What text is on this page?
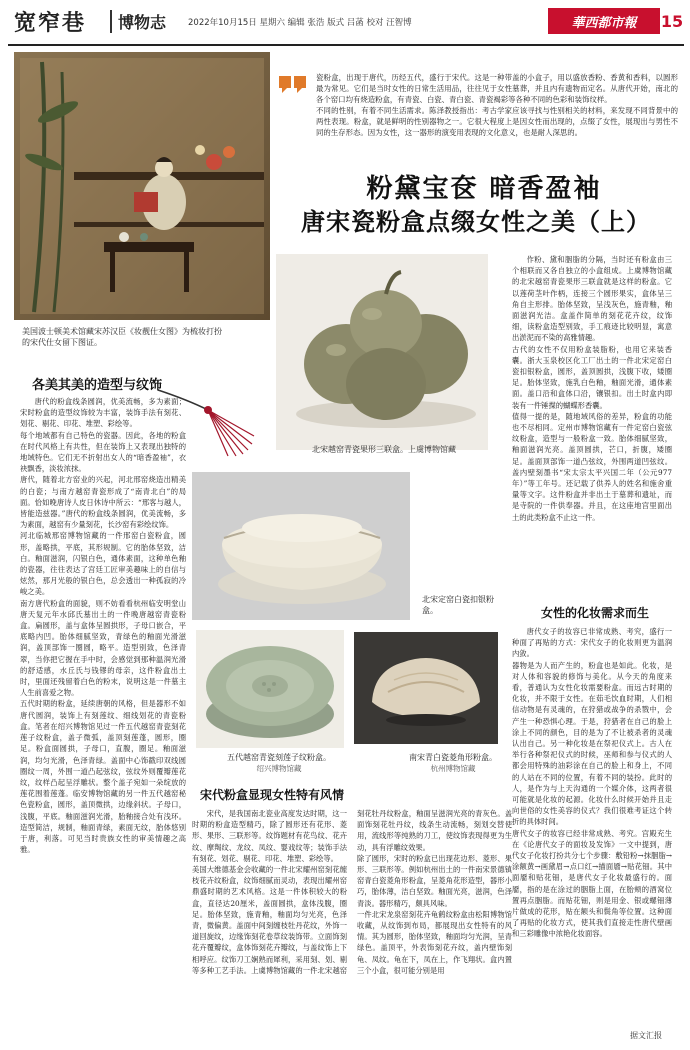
宽窄巷	博物志	2022年10月15日 星期六 编辑 张浩 版式 吕菡 校对 汪智博	華西都市報	15
美国波士顿美术馆藏宋苏汉臣《妆靓仕女图》为梳妆打扮的宋代仕女留下图证。

瓷粉盒，出现于唐代，历经五代，盛行于宋代。这是一种带盖的小盒子，用以盛放香粉、香黄和香料，以圆形最为常见。它们是当时女性的日常生活用品，往往见于女性墓葬，并且内有遗物而定名。从唐代开始，南北的各个窑口均有烧造粉盒，有青瓷、白瓷、青白瓷、青瓷褐彩等各种不同的色彩和装饰纹样。
不同的性别，有着不同生活需求。陈泽教授指出：考古学家应该寻找与性别相关的材料，来发现不同背景中的两性表现。粉盒，就是鲜明的性别器物之一。它很大程度上是因女性而出现的，点缀了女性，展现出与男性不同的生存形态。因为女性，这一器形的演变用表现的文化意义，也是耐人深思的。

粉黛宝奁 暗香盈袖
唐宋瓷粉盒点缀女性之美（上）
北宋越窑青瓷果形三联盒。上虞博物馆藏
北宋定窑白瓷扣银粉盒。
五代越窑青瓷刻莲子纹粉盒。
绍兴博物馆藏
南宋青白瓷菱角形粉盒。
杭州博物馆藏
各美其美的造型与纹饰

唐代的粉盒线条圆润，优美流畅，多为素面；宋时粉盒的造型纹饰较为丰富，装饰手法有刻花、划花、剔花、印花、堆塑、彩绘等。
每个地域都有自己特色的瓷器。因此，各地的粉盒在时代风格上有共性，但在装饰上又表现出独特的地域特色。它们无不折射出女人的“暗香盈袖”，衣袂飘香，淡妆浓抹。
唐代，随着北方窑业的兴起，河北邢窑烧造出精美的白瓷；与南方越窑青瓷形成了“南青北白”的局面。恰如晚唐诗人皮日休诗中所云：“邢客与越人，皆能造兹器。”唐代的粉盒线条圆润，优美流畅，多为素面，越窑有少量刻花，长沙窑有彩绘纹饰。
河北临城邢窑博物馆藏的一件邢窑白瓷粉盒，圆形，盖略拱，平底，其形规制。它的胎体坚致，洁白。釉面滋润，闪银白色，通体素面，这种单色釉的瓷器，往往表达了宫廷工匠审美趣味上的自信与炫然，那月光般的银白色，总会透出一种孤寂的冷峻之美。
南方唐代粉盒的面貌，则不妨看看杭州临安明堂山唐天复元年水邱氏墓出土的一件晚唐越窑青瓷粉盒。扁圆形，盖与盒体呈圆拱形，子母口嵌合，平底略内凹。胎体细腻坚致，青绿色的釉面光滑滋润，盖顶部饰一圈圆，略平。造型别致，色泽青翠，当你把它握在手中时，会感觉到那种温润光滑的舒适感，水丘氏与钱镠的母亲，这件粉盒出土时，里面还残留着白色的粉末，说明这是一件墓主人生前喜爱之物。
五代时期的粉盒，延续唐朝的风格，但是器形不如唐代圆润，装饰上有刻莲纹、细线划花的青瓷粉盒。笔者在绍兴博物馆见过一件五代越窑青瓷刻花莲子纹粉盒，盖子微弧，盖顶刻莲蓬，圆形，圈足。粉盒面圆拱，子母口，直腹，圈足。釉面滋润，均匀光滑，色泽青绿。盖面中心饰戳印双线圆圈纹一周，外围一道凸起弦纹，弦纹外则覆瓣莲花纹，纹样凸起呈浮雕状。整个盖子宛如一朵绽放的莲花围着莲蓬。临安博物馆藏的另一件五代越窑秘色瓷粉盒，圆形，盖顶微拱，边缘斜状。子母口，浅腹，平底。釉面滋润光滑，胎釉接合处有浅环。造型简洁，规制，釉面青绿，素面无纹，胎体悠别于唐，利落。可见当时贵族女性的审美情趣之高雅。

宋代粉盒显现女性特有风情

宋代，是我国南北瓷业高度发达时期，这一时期的粉盒造型精巧，除了圆形还有花形、菱形、果形、三联形等。纹饰题材有花鸟纹、花卉纹、摩羯纹、龙纹、凤纹、婴戏纹等；装饰手法有刻花、划花、剔花、印花、堆塑、彩绘等。
美国大维德基金会收藏的一件北宋耀州窑刻花缠枝花卉纹粉盒，纹饰细腻而灵动，表现出耀州窑鼎盛时期的艺术风格。这是一件体积较大的粉盒，直径达20厘米，盖面圆拱，盒体浅腹，圈足。胎体坚致，施青釉，釉面均匀光亮，色泽青，微偏黄。盖面中间刻缠枝牡丹花纹，外饰一道回旋纹，边缘饰刻花卷草纹装饰带。立面饰刻花卉覆瓣纹，盒体饰刻花卉瓣纹，与盖纹饰上下相呼应。纹饰刀工娴熟而犀利，采用刻、划、剔等多种工艺手法。上虞博物馆藏的一件北宋越窑刻花牡丹纹粉盒，釉面呈滋润光亮的青灰色。盖面饰刻花牡丹纹，线条生动流畅，刻划交替使用，流线形等纯熟的刀工，使纹饰表现得更为生动，具有浮雕纹效果。
除了圆形，宋时的粉盒已出现花边形、菱形、果形、三联形等。例如杭州出土的一件南宋景德镇窑青白瓷菱角形粉盒，呈菱角花形造型，器形小巧，胎体薄，洁白坚致。釉面光亮，滋润，色泽青淡。器形精巧，颇具风味。
一件北宋龙泉窑刻花卉龟鹤纹粉盒由松阳博物馆收藏，从纹饰到布局，都展现出女性特有的风情。其为圆形，胎体坚致，釉面均匀光润，呈青绿色。盖顶平，外表饰刻花卉纹，盖内壁饰刻龟、凤纹。龟在下，凤在上，作飞翔状。盒内置三个小盒，很可能分别是用

作粉、黛和胭脂的分隔，当时还有粉盒由三个相联而又各自独立的小盒组成。上虞博物馆藏的北宋越窑青瓷果形三联盒就是这样的粉盒。它以莲荷茎叶作柄，连接三个圆形果实，盒体呈三角自主形排。胎体坚致，呈浅灰色，施青釉，釉面滋润光洁。盒盖作简单的刻花花卉纹，纹饰细，读粉盒造型别致，手工痕迹比较明显，寓意出淤泥而不染的高雅情趣。
古代的女性不仅用粉盒装脂粉，也用它来装香囊。浙大玉泉校区化工厂出土的一件北宋定窑白瓷扣银粉盒，圆形，盖顶圆拱，浅腹下收，矮圈足。胎体坚致，施乳白色釉，釉面光滑，通体素面。盖口沿和盒体口沿，镶银扣。出土时盒内即装有一件锤揲的蝴蝶形香囊。
值得一提的是，随地域风俗的差异，粉盒的功能也不尽相同。定州市博物馆藏有一件定窑白瓷弦纹粉盒，造型与一般粉盒一致。胎体细腻坚致，釉面滋润光亮。盖顶圆拱，芒口，折腹，矮圈足。盖面顶部饰一道凸弦纹，外围两道凹弦纹。盖内壁刻墨书“宋太宗太平兴国二年（公元977年）”等工年号。还记载了供养人的姓名和施舍重量等文字。这件粉盒并非出土于墓葬和遗址，而是寺院的一件供奉器。并且，在这座地宫里面出土的此类粉盒不止这一件。

女性的化妆需求而生

唐代女子的妆容已非常成熟、考究，盛行一种面了再贴的方式：宋代女子的化妆则更为温润内敛。
器物是为人而产生的，粉盒也是如此。化妆，是对人体和容貌的修饰与美化。从今天的角度来看，普通认为女性化妆需要粉盒。而远古时期的化妆，并不限于女性。在茹毛饮血时期，人们相信动物是有灵魂的，在狩猎或战争的杀戮中，会产生一种恐惧心理。于是，狩猎者在自己的脸上涂上不同的颜色，目的是为了不让被杀者的灵魂认出自己。另一种化妆是在祭祀仪式上。古人在举行各种祭祀仪式的时候，巫师和参与仪式的人都会用特殊的油彩涂在自己的脸上和身上，不同的人站在不同的位置，有着不同的装扮。此时的人，是作为与上天沟通的一个媒介体，这两者很可能就是化妆的起源。化妆什么时候开始并且走向世俗的女性美容的仪式？我们很难考证这个转折的具体时间。
唐代女子的妆容已经非常成熟、考究。宫殿充生在《论唐代女子的面妆及发饰》一文中提到，唐代女子化妆打扮共分七个步骤：敷铅粉→抹胭脂→涂额黄→画黛眉→点口红→描面靥→贴花钿。其中面靥和贴花钿，是唐代女子化妆最盛行的。面靥，指的是在涂过的胭脂上面，在胎颊的酒窝位置再点胭脂。而贴花钿，则是用金、银或螺钿薄片做成的花形，贴在额头和鬓角等位置。这种面了再贴的化妆方式，使其我们直接走性唐代壁画和三彩雕像中浓艳化妆面容。

据文汇报
